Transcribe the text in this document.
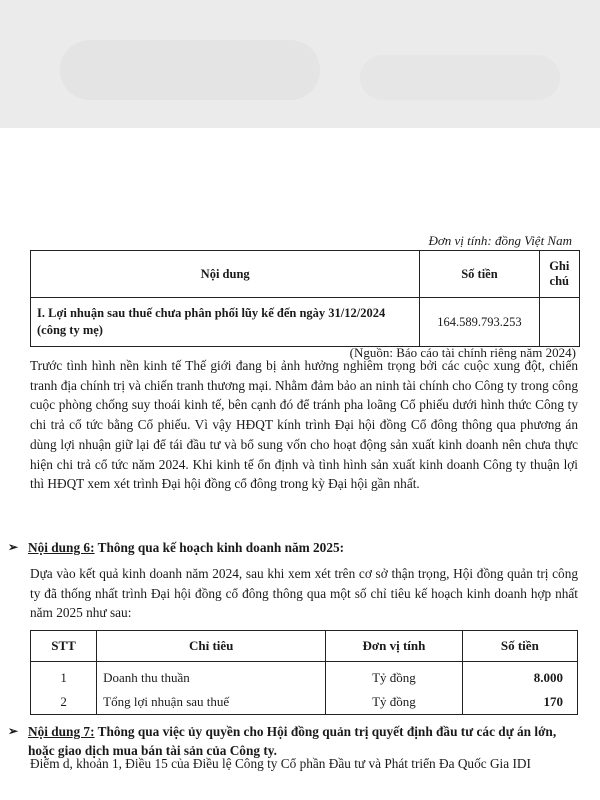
Đơn vị tính: đồng Việt Nam
Nội dung	Số tiền	Ghi chú
I. Lợi nhuận sau thuế chưa phân phối lũy kế đến ngày 31/12/2024 (công ty mẹ)	164.589.793.253	
(Nguồn: Báo cáo tài chính riêng năm 2024)

Trước tình hình nền kinh tế Thế giới đang bị ảnh hưởng nghiêm trọng bởi các cuộc xung đột, chiến tranh địa chính trị và chiến tranh thương mại. Nhằm đảm bảo an ninh tài chính cho Công ty trong công cuộc phòng chống suy thoái kinh tế, bên cạnh đó để tránh pha loãng Cổ phiếu dưới hình thức Công ty chi trả cổ tức bằng Cổ phiếu. Vì vậy HĐQT kính trình Đại hội đồng Cổ đông thông qua phương án dùng lợi nhuận giữ lại để tái đầu tư và bổ sung vốn cho hoạt động sản xuất kinh doanh nên chưa thực hiện chi trả cổ tức năm 2024. Khi kinh tế ổn định và tình hình sản xuất kinh doanh Công ty thuận lợi thì HĐQT xem xét trình Đại hội đồng cổ đông trong kỳ Đại hội gần nhất.

➢ Nội dung 6: Thông qua kế hoạch kinh doanh năm 2025:

Dựa vào kết quả kinh doanh năm 2024, sau khi xem xét trên cơ sở thận trọng, Hội đồng quản trị công ty đã thống nhất trình Đại hội đồng cổ đông thông qua một số chỉ tiêu kế hoạch kinh doanh hợp nhất năm 2025 như sau:

STT	Chỉ tiêu	Đơn vị tính	Số tiền
1	Doanh thu thuần	Tỷ đồng	8.000
2	Tổng lợi nhuận sau thuế	Tỷ đồng	170
➢ Nội dung 7: Thông qua việc ủy quyền cho Hội đồng quản trị quyết định đầu tư các dự án lớn, hoặc giao dịch mua bán tài sản của Công ty.

Điểm d, khoản 1, Điều 15 của Điều lệ Công ty Cổ phần Đầu tư và Phát triển Đa Quốc Gia IDI
